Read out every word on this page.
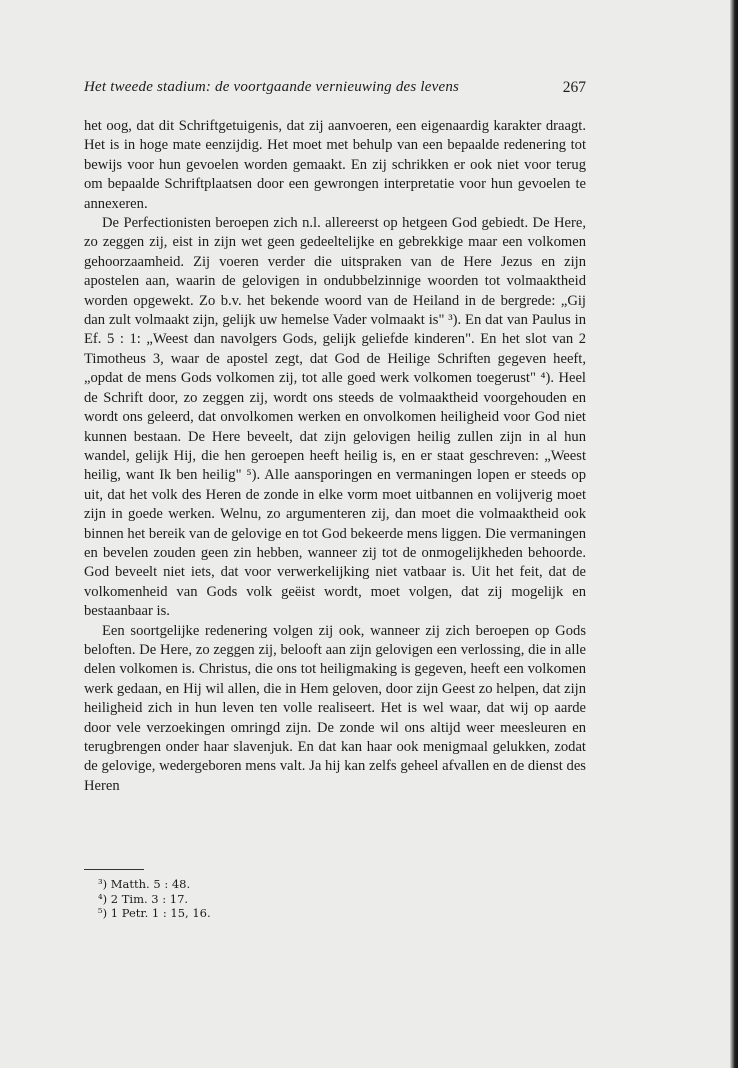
Het tweede stadium: de voortgaande vernieuwing des levens	267

het oog, dat dit Schriftgetuigenis, dat zij aanvoeren, een eigenaardig karakter draagt. Het is in hoge mate eenzijdig. Het moet met behulp van een bepaalde redenering tot bewijs voor hun gevoelen worden gemaakt. En zij schrikken er ook niet voor terug om bepaalde Schriftplaatsen door een gewrongen interpretatie voor hun gevoelen te annexeren.

De Perfectionisten beroepen zich n.l. allereerst op hetgeen God gebiedt. De Here, zo zeggen zij, eist in zijn wet geen gedeeltelijke en gebrekkige maar een volkomen gehoorzaamheid. Zij voeren verder die uitspraken van de Here Jezus en zijn apostelen aan, waarin de gelovigen in ondubbelzinnige woorden tot volmaaktheid worden opgewekt. Zo b.v. het bekende woord van de Heiland in de bergrede: „Gij dan zult volmaakt zijn, gelijk uw hemelse Vader volmaakt is" ³). En dat van Paulus in Ef. 5 : 1: „Weest dan navolgers Gods, gelijk geliefde kinderen". En het slot van 2 Timotheus 3, waar de apostel zegt, dat God de Heilige Schriften gegeven heeft, „opdat de mens Gods volkomen zij, tot alle goed werk volkomen toegerust" ⁴). Heel de Schrift door, zo zeggen zij, wordt ons steeds de volmaaktheid voorgehouden en wordt ons geleerd, dat onvolkomen werken en onvolkomen heiligheid voor God niet kunnen bestaan. De Here beveelt, dat zijn gelovigen heilig zullen zijn in al hun wandel, gelijk Hij, die hen geroepen heeft heilig is, en er staat geschreven: „Weest heilig, want Ik ben heilig" ⁵). Alle aansporingen en vermaningen lopen er steeds op uit, dat het volk des Heren de zonde in elke vorm moet uitbannen en volijverig moet zijn in goede werken. Welnu, zo argumenteren zij, dan moet die volmaaktheid ook binnen het bereik van de gelovige en tot God bekeerde mens liggen. Die vermaningen en bevelen zouden geen zin hebben, wanneer zij tot de onmogelijkheden behoorde. God beveelt niet iets, dat voor verwerkelijking niet vatbaar is. Uit het feit, dat de volkomenheid van Gods volk geëist wordt, moet volgen, dat zij mogelijk en bestaanbaar is.

Een soortgelijke redenering volgen zij ook, wanneer zij zich beroepen op Gods beloften. De Here, zo zeggen zij, belooft aan zijn gelovigen een verlossing, die in alle delen volkomen is. Christus, die ons tot heiligmaking is gegeven, heeft een volkomen werk gedaan, en Hij wil allen, die in Hem geloven, door zijn Geest zo helpen, dat zijn heiligheid zich in hun leven ten volle realiseert. Het is wel waar, dat wij op aarde door vele verzoekingen omringd zijn. De zonde wil ons altijd weer meesleuren en terugbrengen onder haar slavenjuk. En dat kan haar ook menigmaal gelukken, zodat de gelovige, wedergeboren mens valt. Ja hij kan zelfs geheel afvallen en de dienst des Heren

³) Matth. 5 : 48.
⁴) 2 Tim. 3 : 17.
⁵) 1 Petr. 1 : 15, 16.
